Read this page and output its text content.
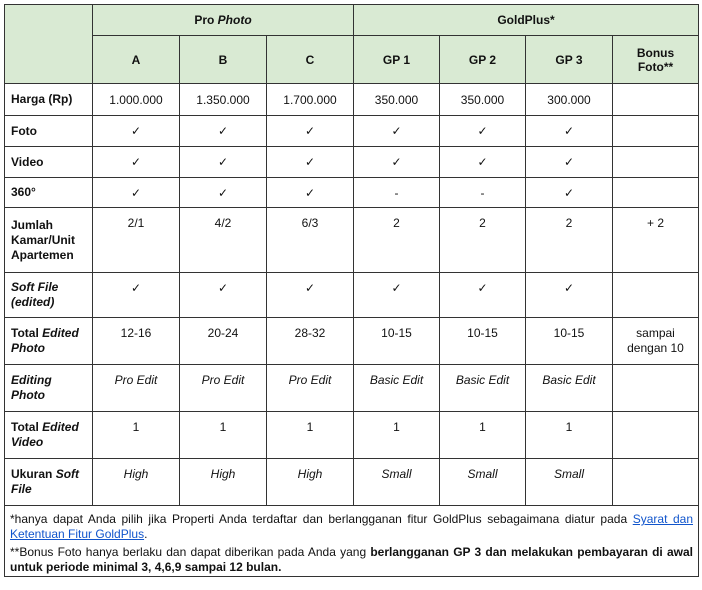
	Pro Photo			GoldPlus*			
	A	B	C	GP 1	GP 2	GP 3	Bonus
Foto**
Harga (Rp)	1.000.000	1.350.000	1.700.000	350.000	350.000	300.000	
Foto	✓	✓	✓	✓	✓	✓	
Video	✓	✓	✓	✓	✓	✓	
360°	✓	✓	✓	-	-	✓	
Jumlah
Kamar/Unit
Apartemen	2/1	4/2	6/3	2	2	2	+ 2
Soft File
(edited)	✓	✓	✓	✓	✓	✓	
Total Edited
Photo	12-16	20-24	28-32	10-15	10-15	10-15	sampai
dengan 10
Editing
Photo	Pro Edit	Pro Edit	Pro Edit	Basic Edit	Basic Edit	Basic Edit	
Total Edited
Video	1	1	1	1	1	1	
Ukuran Soft
File	High	High	High	Small	Small	Small	

*hanya dapat Anda pilih jika Properti Anda terdaftar dan berlangganan fitur GoldPlus sebagaimana diatur pada Syarat dan Ketentuan Fitur GoldPlus.
**Bonus Foto hanya berlaku dan dapat diberikan pada Anda yang berlangganan GP 3 dan melakukan pembayaran di awal untuk periode minimal 3, 4,6,9 sampai 12 bulan.							
